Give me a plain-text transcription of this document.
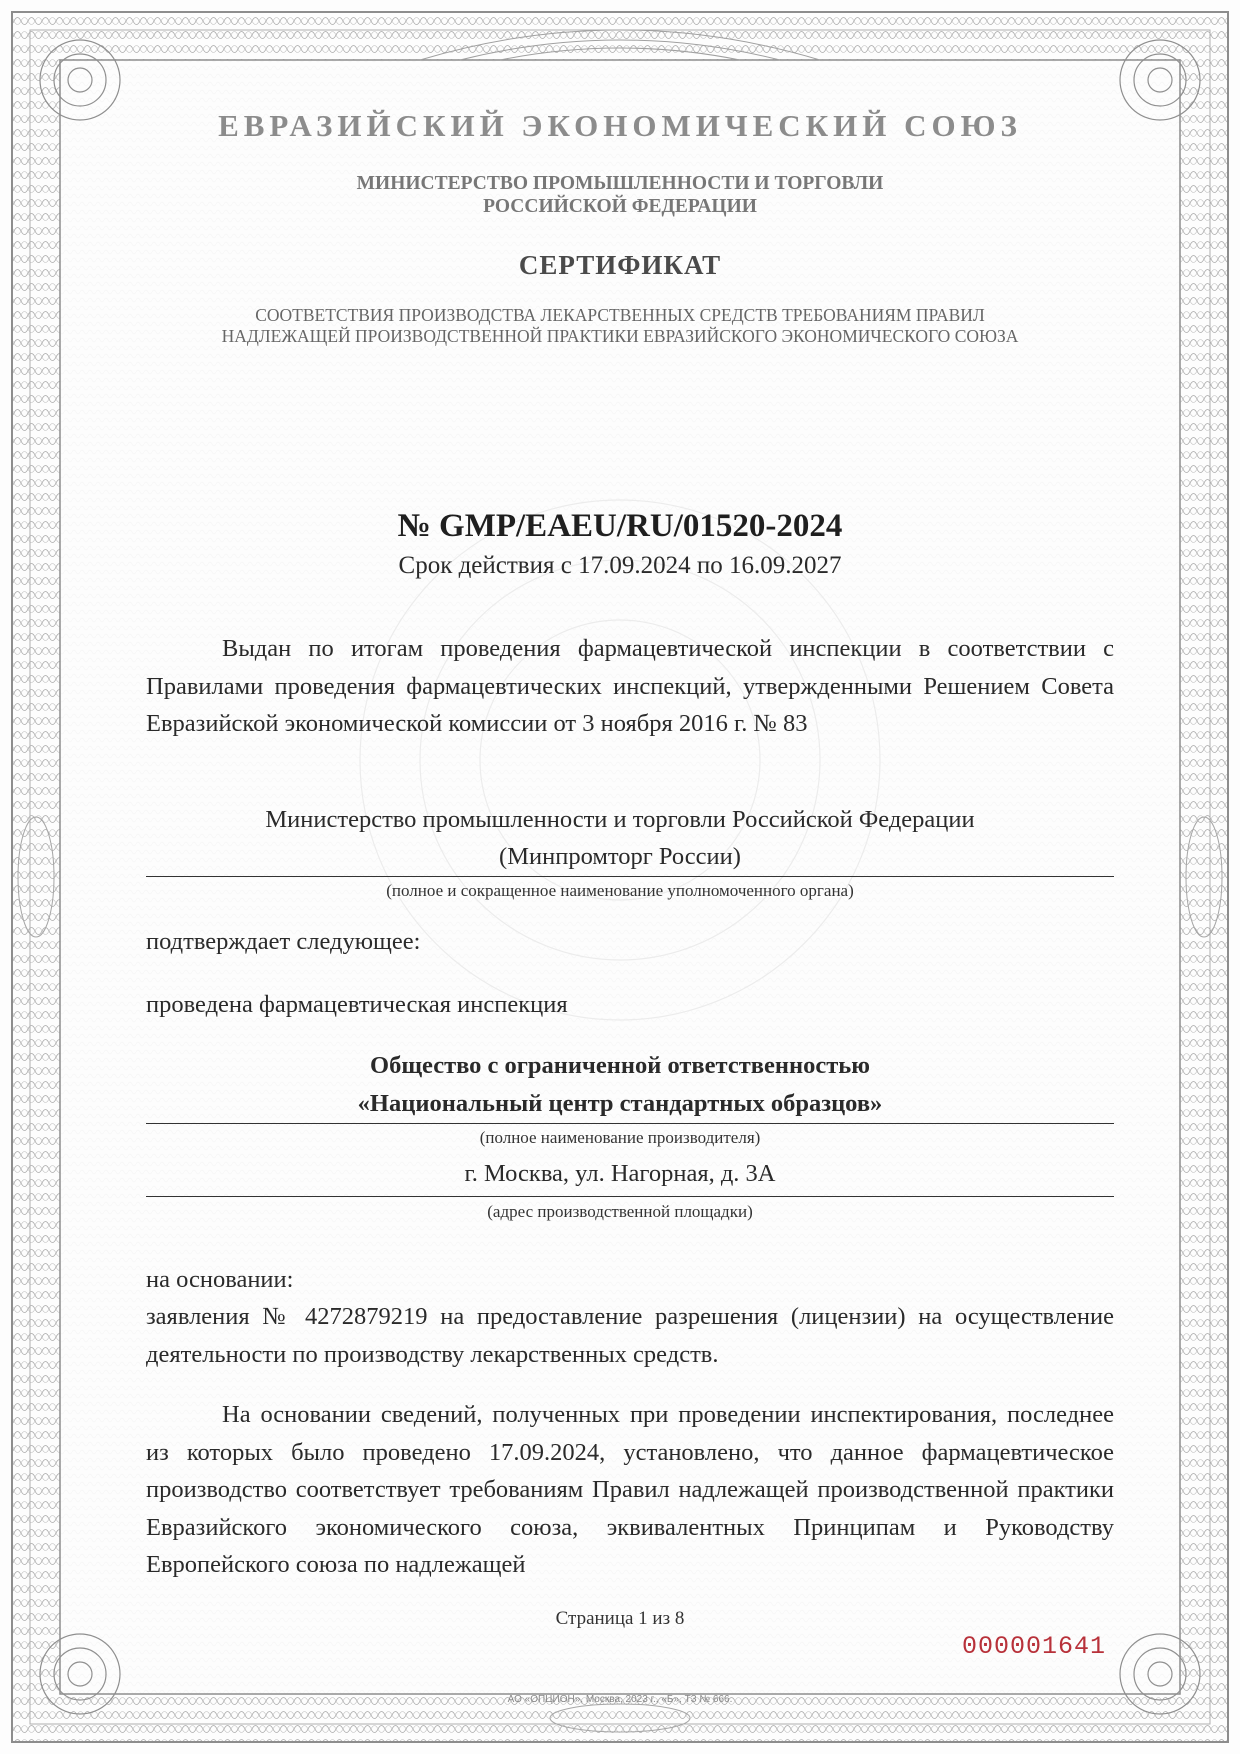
ЕВРАЗИЙСКИЙ ЭКОНОМИЧЕСКИЙ СОЮЗ
МИНИСТЕРСТВО ПРОМЫШЛЕННОСТИ И ТОРГОВЛИ
РОССИЙСКОЙ ФЕДЕРАЦИИ
СЕРТИФИКАТ
СООТВЕТСТВИЯ ПРОИЗВОДСТВА ЛЕКАРСТВЕННЫХ СРЕДСТВ ТРЕБОВАНИЯМ ПРАВИЛ
НАДЛЕЖАЩЕЙ ПРОИЗВОДСТВЕННОЙ ПРАКТИКИ ЕВРАЗИЙСКОГО ЭКОНОМИЧЕСКОГО СОЮЗА
№ GMP/EAEU/RU/01520-2024
Срок действия с 17.09.2024 по 16.09.2027
Выдан по итогам проведения фармацевтической инспекции в соответствии с Правилами проведения фармацевтических инспекций, утвержденными Решением Совета Евразийской экономической комиссии от 3 ноября 2016 г. № 83
Министерство промышленности и торговли Российской Федерации
(Минпромторг России)
(полное и сокращенное наименование уполномоченного органа)
подтверждает следующее:
проведена фармацевтическая инспекция
Общество с ограниченной ответственностью
«Национальный центр стандартных образцов»
(полное наименование производителя)
г. Москва, ул. Нагорная, д. 3А
(адрес производственной площадки)
на основании:
заявления № 4272879219 на предоставление разрешения (лицензии) на осуществление деятельности по производству лекарственных средств.
На основании сведений, полученных при проведении инспектирования, последнее из которых было проведено 17.09.2024, установлено, что данное фармацевтическое производство соответствует требованиям Правил надлежащей производственной практики Евразийского экономического союза, эквивалентных Принципам и Руководству Европейского союза по надлежащей
Страница 1 из 8
000001641
АО «ОПЦИОН», Москва, 2023 г., «Б», ТЗ № 666.
